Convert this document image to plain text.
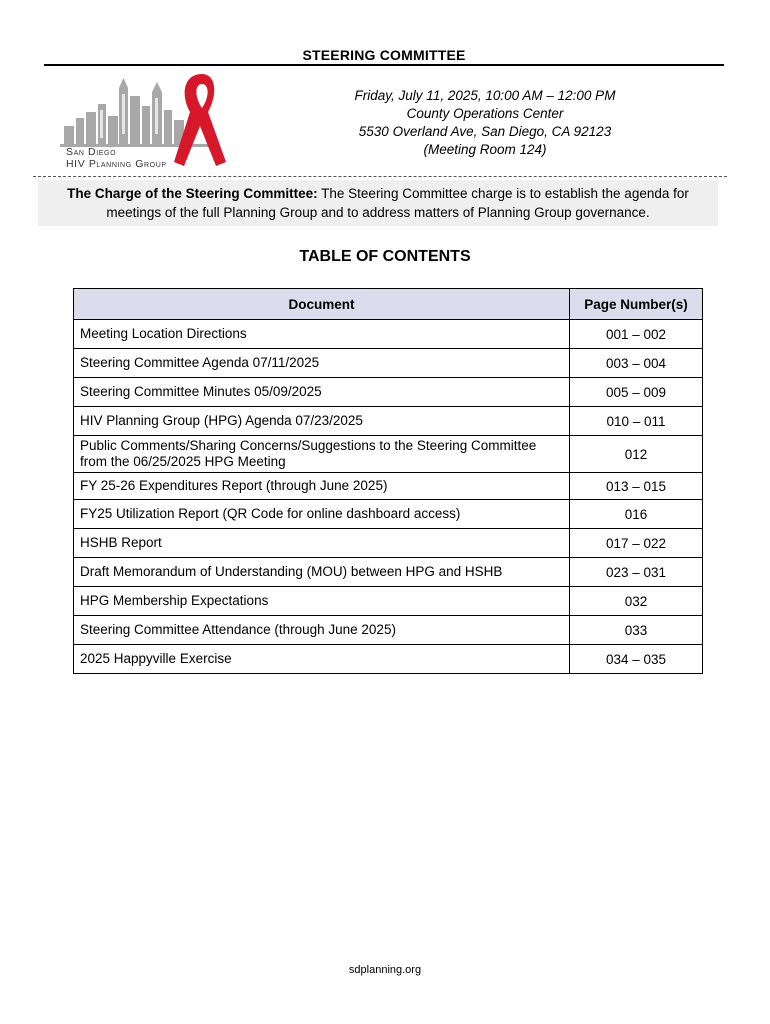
STEERING COMMITTEE
San Diego
HIV Planning Group
Friday, July 11, 2025, 10:00 AM – 12:00 PM
County Operations Center
5530 Overland Ave, San Diego, CA 92123
(Meeting Room 124)
The Charge of the Steering Committee: The Steering Committee charge is to establish the agenda for meetings of the full Planning Group and to address matters of Planning Group governance.
TABLE OF CONTENTS
Document	Page Number(s)
Meeting Location Directions	001 – 002
Steering Committee Agenda 07/11/2025	003 – 004
Steering Committee Minutes 05/09/2025	005 – 009
HIV Planning Group (HPG) Agenda 07/23/2025	010 – 011
Public Comments/Sharing Concerns/Suggestions to the Steering Committee from the 06/25/2025 HPG Meeting	012
FY 25-26 Expenditures Report (through June 2025)	013 – 015
FY25 Utilization Report (QR Code for online dashboard access)	016
HSHB Report	017 – 022
Draft Memorandum of Understanding (MOU) between HPG and HSHB	023 – 031
HPG Membership Expectations	032
Steering Committee Attendance (through June 2025)	033
2025 Happyville Exercise	034 – 035
sdplanning.org
